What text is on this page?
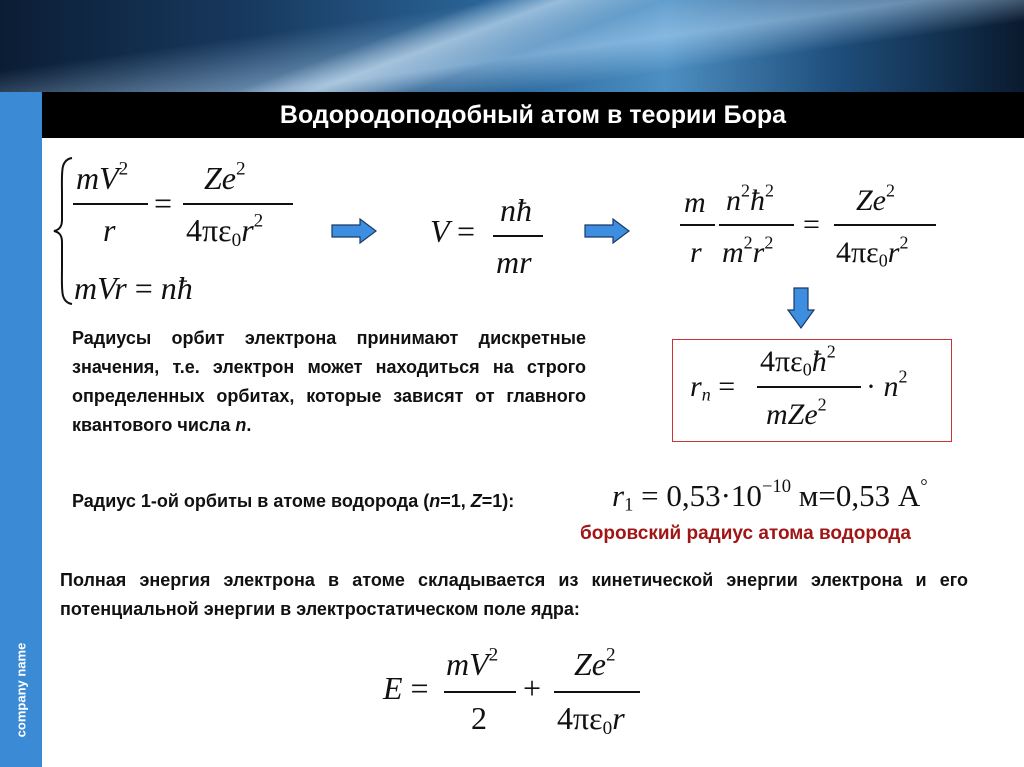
company name
Водородоподобный атом в теории Бора
$mV^2$
r
=
$Ze^2$
$4\pi\varepsilon_0r^2$
mVr = nħ
V =
nħ
mr
m
r
$n^2ħ^2$
$m^2r^2$
=
$Ze^2$
$4\pi\varepsilon_0r^2$
$r_n$ =
$4\pi\varepsilon_0ħ^2$
mZe$^2$
· $n^2$
Радиусы орбит электрона принимают дискретные значения, т.е. электрон может находиться на строго определенных орбитах, которые зависят от главного квантового числа n.
Радиус 1-ой орбиты в атоме водорода (n=1, Z=1):	$r_1 = 0,53\cdot 10^{-10}$ м=0,53 А°
боровский радиус атома водорода
Полная энергия электрона в атоме складывается из кинетической энергии электрона и его потенциальной энергии в электростатическом поле ядра:
E =
$mV^2$
2
+
$Ze^2$
$4\pi\varepsilon_0r$
